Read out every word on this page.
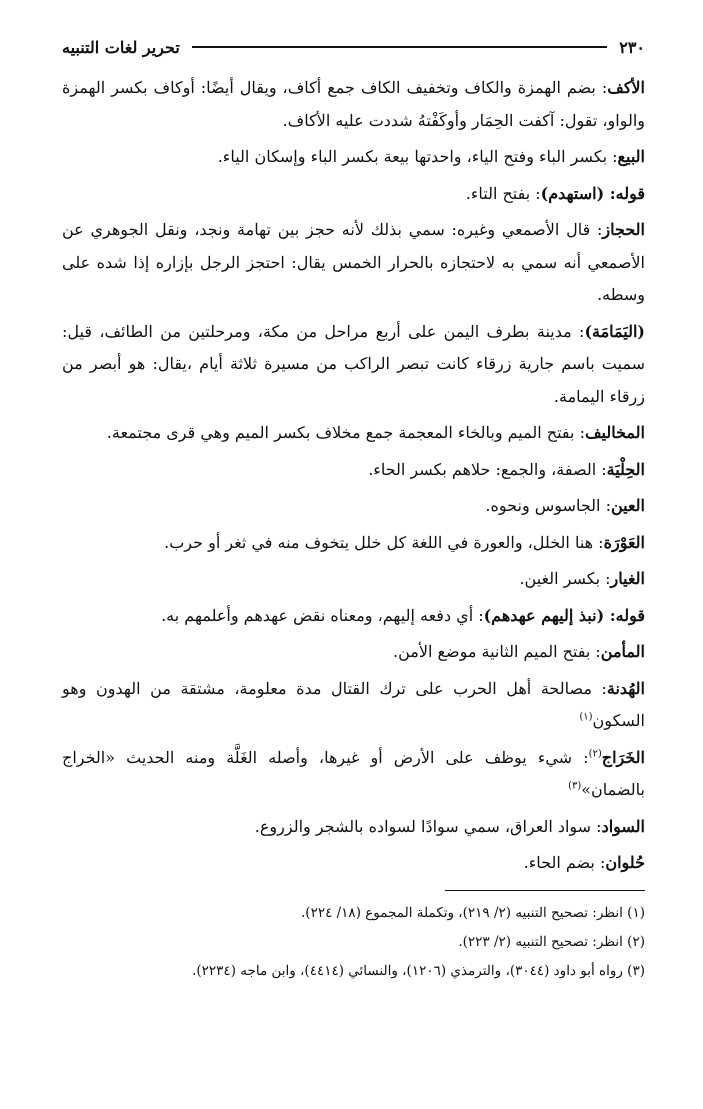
٢٣٠
تحرير لغات التنبيه

الأكف: بضم الهمزة والكاف وتخفيف الكاف جمع أكاف، ويقال أيضًا: أوكاف بكسر الهمزة والواو، تقول: آكفت الحِمَار وأوكَفْتهُ شددت عليه الأكاف.

البيع: بكسر الباء وفتح الياء، واحدتها بيعة بكسر الباء وإسكان الياء.

قوله: (استهدم): بفتح التاء.

الحجاز: قال الأصمعي وغيره: سمي بذلك لأنه حجز بين تهامة ونجد، ونقل الجوهري عن الأصمعي أنه سمي به لاحتجازه بالحرار الخمس يقال: احتجز الرجل بإزاره إذا شده على وسطه.

(اليَمَامَة): مدينة بطرف اليمن على أربع مراحل من مكة، ومرحلتين من الطائف، قيل: سميت باسم جارية زرقاء كانت تبصر الراكب من مسيرة ثلاثة أيام ،يقال: هو أبصر من زرقاء اليمامة.

المخاليف: بفتح الميم وبالخاء المعجمة جمع مخلاف بكسر الميم وهي قرى مجتمعة.

الحِلْيَة: الصفة، والجمع: حلاهم بكسر الحاء.

العين: الجاسوس ونحوه.

العَوْرَة: هنا الخلل، والعورة في اللغة كل خلل يتخوف منه في ثغر أو حرب.

الغيار: بكسر الغين.

قوله: (نبذ إليهم عهدهم): أي دفعه إليهم، ومعناه نقض عهدهم وأعلمهم به.

المأمن: بفتح الميم الثانية موضع الأمن.

الهُدنة: مصالحة أهل الحرب على ترك القتال مدة معلومة، مشتقة من الهدون وهو السكون$^{(١)}$

الخَرَاج$^{(٢)}$: شيء يوظف على الأرض أو غيرها، وأصله الغَلَّة ومنه الحديث «الخراج بالضمان»$^{(٣)}$

السواد: سواد العراق، سمي سوادًا لسواده بالشجر والزروع.

حُلوان: بضم الحاء.

(١) انظر: تصحيح التنبيه (٢/ ٢١٩)، وتكملة المجموع (١٨/ ٢٢٤).

(٢) انظر: تصحيح التنبيه (٢/ ٢٢٣).

(٣) رواه أبو داود (٣٠٤٤)، والترمذي (١٢٠٦)، والنسائي (٤٤١٤)، وابن ماجه (٢٢٣٤).
